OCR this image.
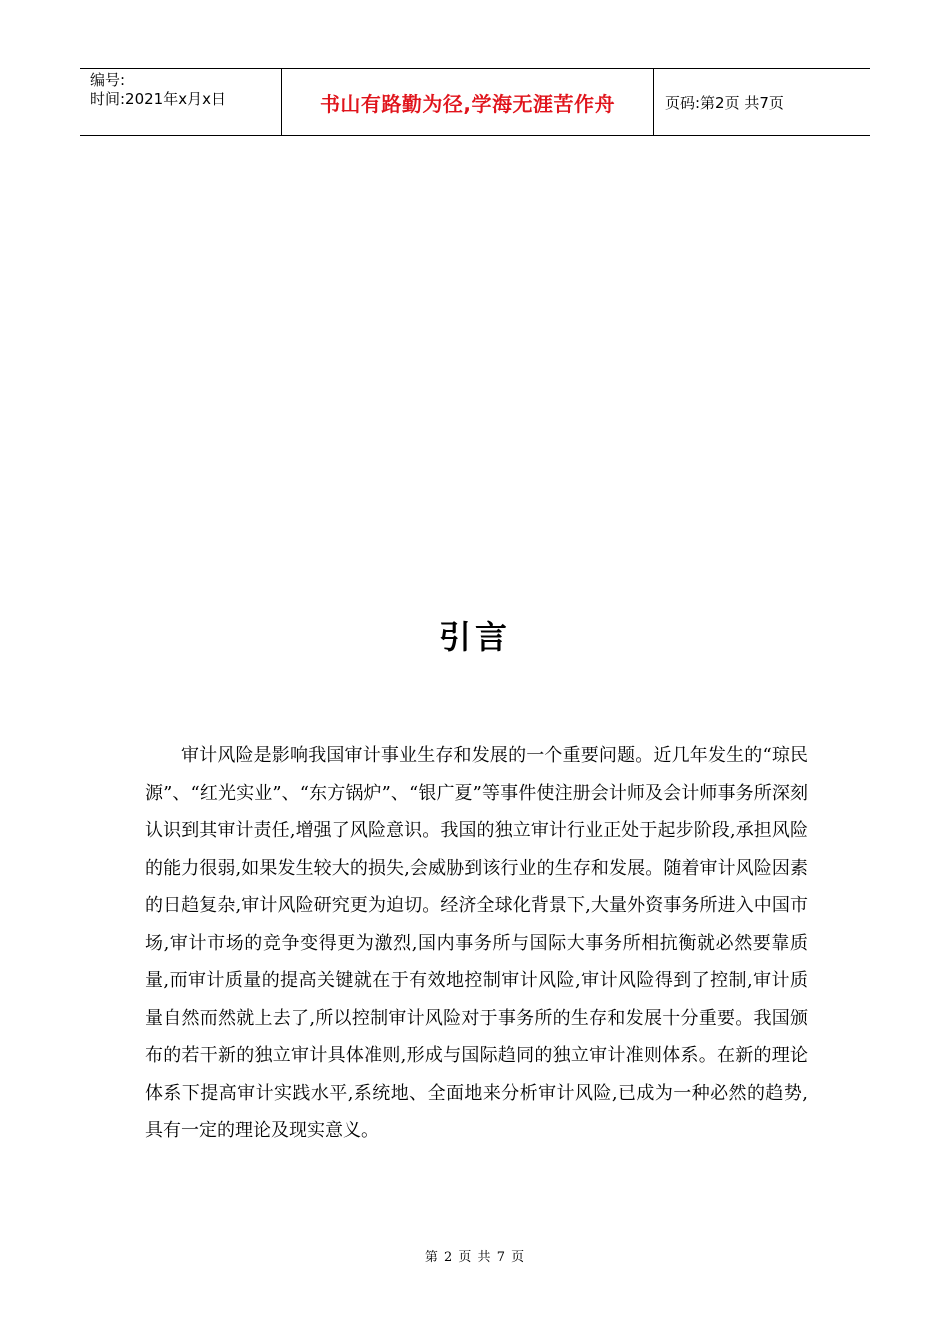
编号:
时间:2021年x月x日	书山有路勤为径,学海无涯苦作舟	页码:第2页 共7页
引言

审计风险是影响我国审计事业生存和发展的一个重要问题。近几年发生的“琼民源”、“红光实业”、“东方锅炉”、“银广夏”等事件使注册会计师及会计师事务所深刻认识到其审计责任,增强了风险意识。我国的独立审计行业正处于起步阶段,承担风险的能力很弱,如果发生较大的损失,会威胁到该行业的生存和发展。随着审计风险因素的日趋复杂,审计风险研究更为迫切。经济全球化背景下,大量外资事务所进入中国市场,审计市场的竞争变得更为激烈,国内事务所与国际大事务所相抗衡就必然要靠质量,而审计质量的提高关键就在于有效地控制审计风险,审计风险得到了控制,审计质量自然而然就上去了,所以控制审计风险对于事务所的生存和发展十分重要。我国颁布的若干新的独立审计具体准则,形成与国际趋同的独立审计准则体系。在新的理论体系下提高审计实践水平,系统地、全面地来分析审计风险,已成为一种必然的趋势,具有一定的理论及现实意义。

第 2 页 共 7 页
